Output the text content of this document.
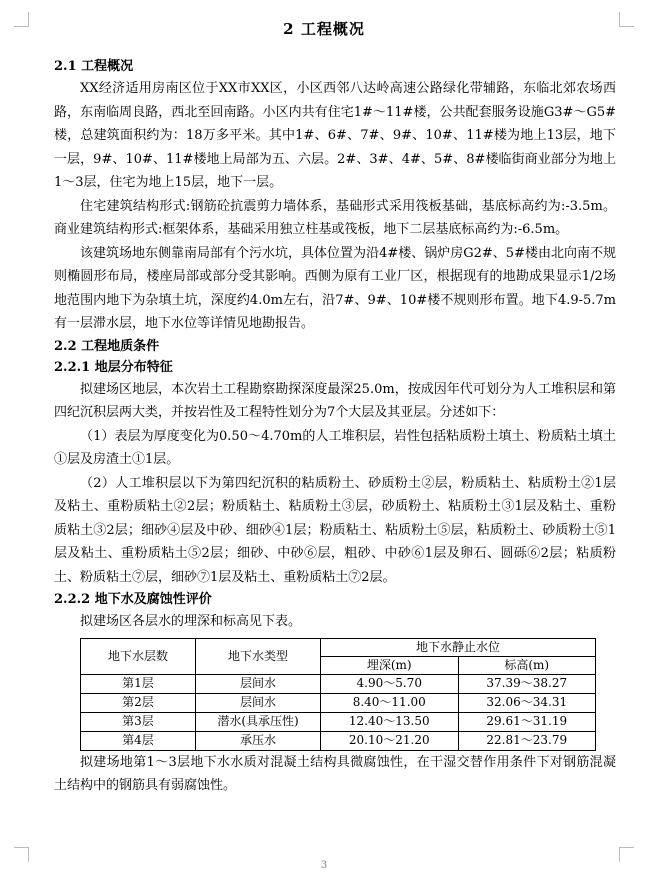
2 工程概况
2.1 工程概况

XX经济适用房南区位于XX市XX区，小区西邻八达岭高速公路绿化带辅路，东临北郊农场西路，东南临周良路，西北至回南路。小区内共有住宅1#～11#楼，公共配套服务设施G3#～G5#楼，总建筑面积约为：18万多平米。其中1#、6#、7#、9#、10#、11#楼为地上13层，地下一层，9#、10#、11#楼地上局部为五、六层。2#、3#、4#、5#、8#楼临街商业部分为地上1～3层，住宅为地上15层，地下一层。

住宅建筑结构形式:钢筋砼抗震剪力墙体系，基础形式采用筏板基础，基底标高约为:-3.5m。商业建筑结构形式:框架体系，基础采用独立柱基或筏板，地下二层基底标高约为:-6.5m。

该建筑场地东侧靠南局部有个污水坑，具体位置为沿4#楼、锅炉房G2#、5#楼由北向南不规则椭圆形布局，楼座局部或部分受其影响。西侧为原有工业厂区，根据现有的地勘成果显示1/2场地范围内地下为杂填土坑，深度约4.0m左右，沿7#、9#、10#楼不规则形布置。地下4.9-5.7m有一层滞水层，地下水位等详情见地勘报告。

2.2 工程地质条件
2.2.1 地层分布特征

拟建场区地层，本次岩土工程勘察勘探深度最深25.0m，按成因年代可划分为人工堆积层和第四纪沉积层两大类，并按岩性及工程特性划分为7个大层及其亚层。分述如下：

（1）表层为厚度变化为0.50～4.70m的人工堆积层，岩性包括粘质粉土填土、粉质粘土填土①层及房渣土①1层。

（2）人工堆积层以下为第四纪沉积的粘质粉土、砂质粉土②层，粉质粘土、粘质粉土②1层及粘土、重粉质粘土②2层；粉质粘土、粘质粉土③层，砂质粉土、粘质粉土③1层及粘土、重粉质粘土③2层；细砂④层及中砂、细砂④1层；粉质粘土、粘质粉土⑤层，粘质粉土、砂质粉土⑤1层及粘土、重粉质粘土⑤2层；细砂、中砂⑥层，粗砂、中砂⑥1层及卵石、圆砾⑥2层；粘质粉土、粉质粘土⑦层，细砂⑦1层及粘土、重粉质粘土⑦2层。

2.2.2 地下水及腐蚀性评价

拟建场区各层水的埋深和标高见下表。

地下水层数	地下水类型	地下水静止水位	
		埋深(m)	标高(m)
第1层	层间水	4.90～5.70	37.39～38.27
第2层	层间水	8.40～11.00	32.06～34.31
第3层	潜水(具承压性)	12.40～13.50	29.61～31.19
第4层	承压水	20.10～21.20	22.81～23.79

拟建场地第1～3层地下水水质对混凝土结构具微腐蚀性，在干湿交替作用条件下对钢筋混凝土结构中的钢筋具有弱腐蚀性。

3
